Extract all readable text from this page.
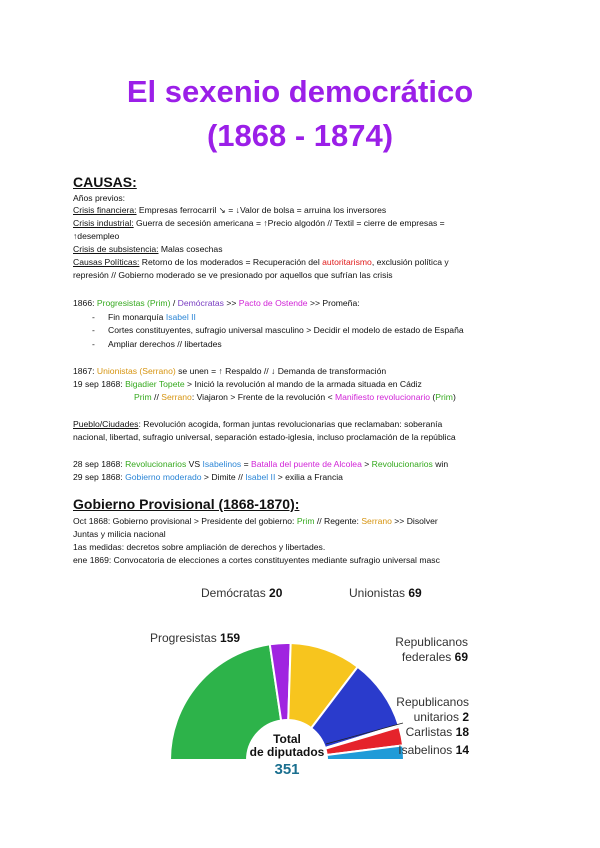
El sexenio democrático
(1868 - 1874)
CAUSAS:
Años previos:
Crisis financiera: Empresas ferrocarril ↘ = ↓Valor de bolsa = arruina los inversores
Crisis industrial: Guerra de secesión americana = ↑Precio algodón // Textil = cierre de empresas =
↑desempleo
Crisis de subsistencia: Malas cosechas
Causas Políticas: Retorno de los moderados = Recuperación del autoritarismo, exclusión política y
represión // Gobierno moderado se ve presionado por aquellos que sufrían las crisis
1866: Progresistas (Prim) / Demócratas >> Pacto de Ostende >> Promeña:
- Fin monarquía Isabel II
- Cortes constituyentes, sufragio universal masculino > Decidir el modelo de estado de España
- Ampliar derechos // libertades
1867: Unionistas (Serrano) se unen = ↑ Respaldo // ↓ Demanda de transformación
19 sep 1868: Bigadier Topete > Inició la revolución al mando de la armada situada en Cádiz
Prim // Serrano: Viajaron > Frente de la revolución < Manifiesto revolucionario (Prim)
Pueblo/Ciudades: Revolución acogida, forman juntas revolucionarias que reclamaban: soberanía
nacional, libertad, sufragio universal, separación estado-iglesia, incluso proclamación de la república
28 sep 1868: Revolucionarios VS Isabelinos = Batalla del puente de Alcolea > Revolucionarios win
29 sep 1868: Gobierno moderado > Dimite // Isabel II > exilia a Francia
Gobierno Provisional (1868-1870):
Oct 1868: Gobierno provisional > Presidente del gobierno: Prim // Regente: Serrano >> Disolver
Juntas y milicia nacional
1as medidas: decretos sobre ampliación de derechos y libertades.
ene 1869: Convocatoria de elecciones a cortes constituyentes mediante sufragio universal masc
Demócratas 20	Unionistas 69
Progresistas 159	Republicanos
federales 69
Republicanos
unitarios 2
Carlistas 18
Isabelinos 14
Total
de diputados
351
